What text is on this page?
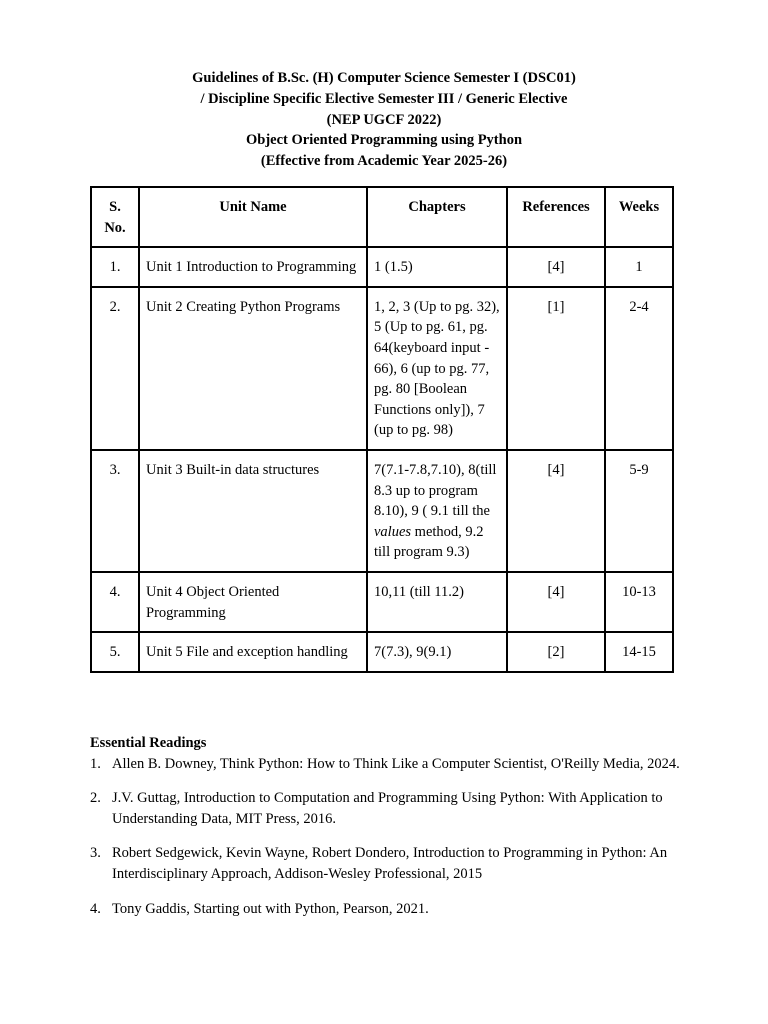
Guidelines of B.Sc. (H) Computer Science Semester I (DSC01)
/ Discipline Specific Elective Semester III / Generic Elective
(NEP UGCF 2022)
Object Oriented Programming using Python
(Effective from Academic Year 2025-26)
S. No.	Unit Name	Chapters	References	Weeks
1.	Unit 1 Introduction to Programming	1 (1.5)	[4]	1
2.	Unit 2 Creating Python Programs	1, 2, 3 (Up to pg. 32), 5 (Up to pg. 61, pg. 64(keyboard input - 66), 6 (up to pg. 77, pg. 80 [Boolean Functions only]), 7 (up to pg. 98)	[1]	2-4
3.	Unit 3 Built-in data structures	7(7.1-7.8,7.10), 8(till 8.3 up to program 8.10), 9 ( 9.1 till the values method, 9.2 till program 9.3)	[4]	5-9
4.	Unit 4 Object Oriented Programming	10,11 (till 11.2)	[4]	10-13
5.	Unit 5 File and exception handling	7(7.3), 9(9.1)	[2]	14-15
Essential Readings
1. Allen B. Downey, Think Python: How to Think Like a Computer Scientist, O'Reilly Media, 2024.
2. J.V. Guttag, Introduction to Computation and Programming Using Python: With Application to Understanding Data, MIT Press, 2016.
3. Robert Sedgewick, Kevin Wayne, Robert Dondero, Introduction to Programming in Python: An Interdisciplinary Approach, Addison-Wesley Professional, 2015
4. Tony Gaddis, Starting out with Python, Pearson, 2021.
